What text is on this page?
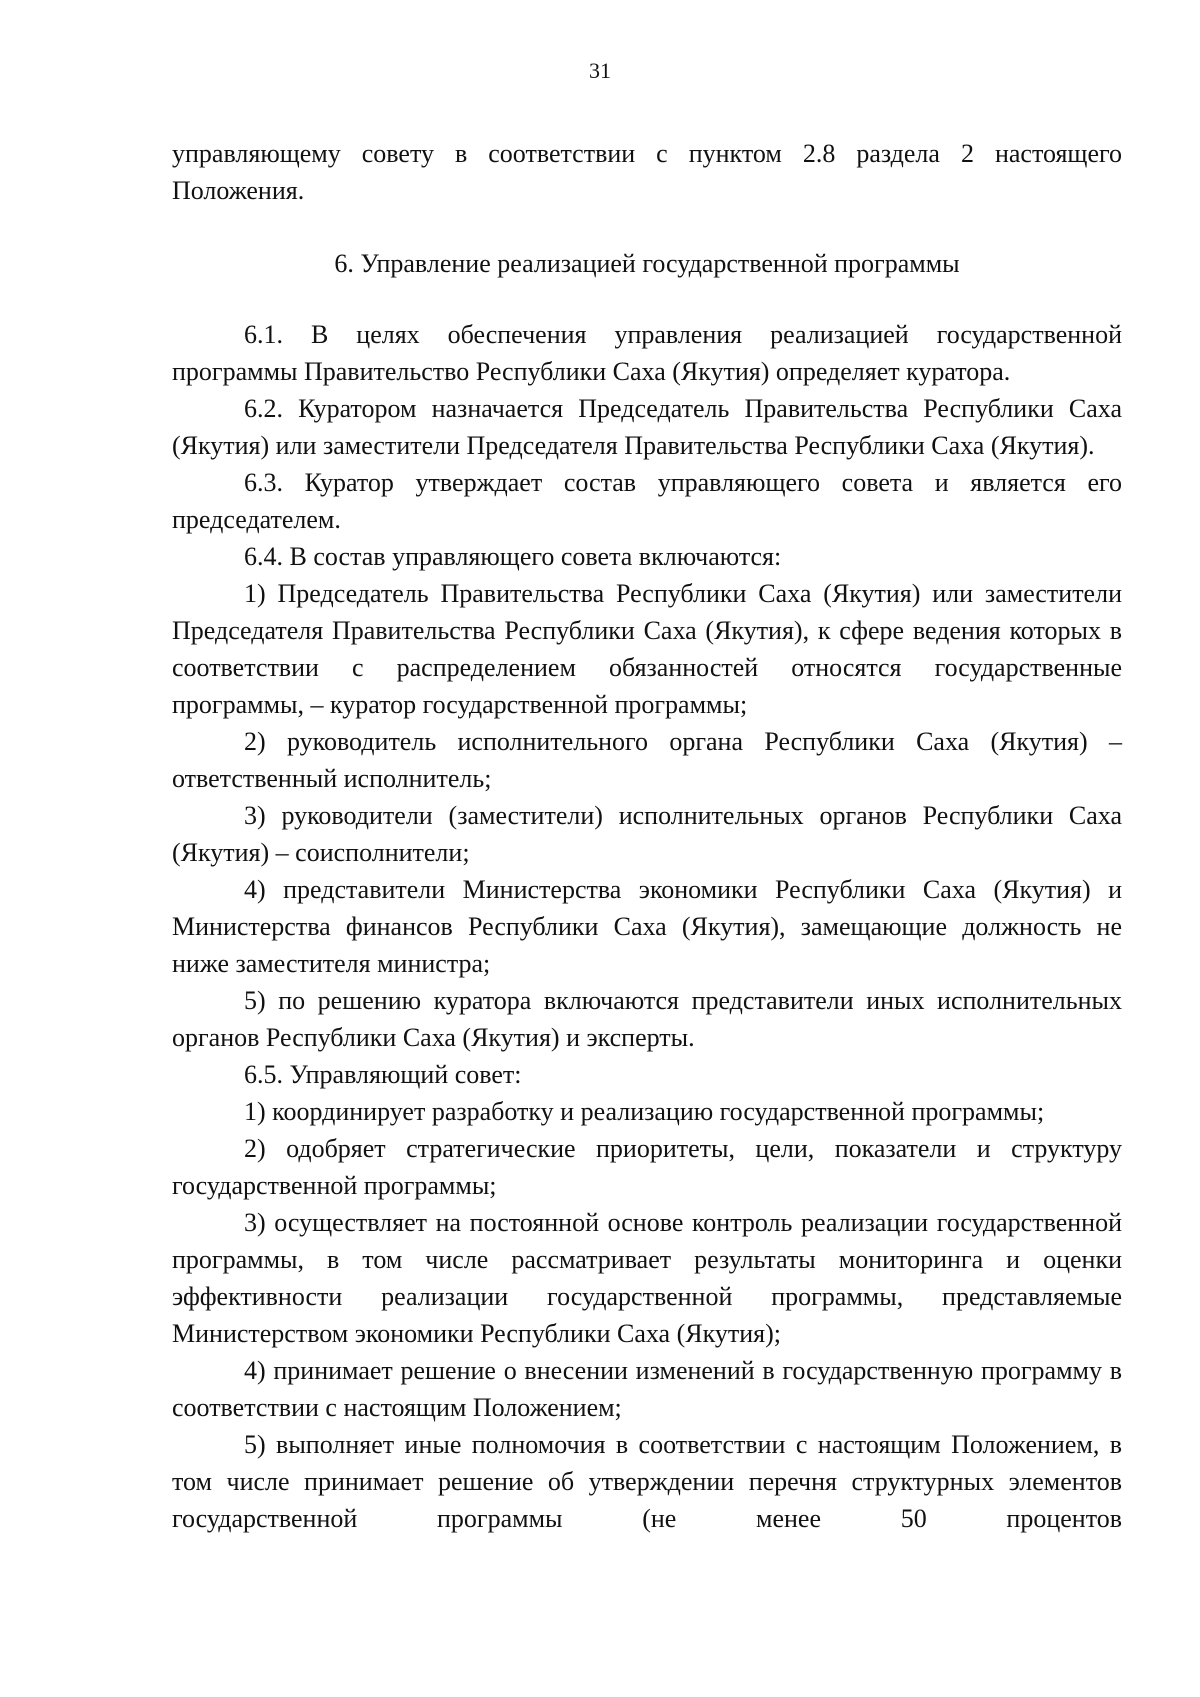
31

управляющему совету в соответствии с пунктом 2.8 раздела 2 настоящего Положения.

6. Управление реализацией государственной программы

6.1. В целях обеспечения управления реализацией государственной программы Правительство Республики Саха (Якутия) определяет куратора.

6.2. Куратором назначается Председатель Правительства Республики Саха (Якутия) или заместители Председателя Правительства Республики Саха (Якутия).

6.3. Куратор утверждает состав управляющего совета и является его председателем.

6.4. В состав управляющего совета включаются:

1) Председатель Правительства Республики Саха (Якутия) или заместители Председателя Правительства Республики Саха (Якутия), к сфере ведения которых в соответствии с распределением обязанностей относятся государственные программы, – куратор государственной программы;

2) руководитель исполнительного органа Республики Саха (Якутия) – ответственный исполнитель;

3) руководители (заместители) исполнительных органов Республики Саха (Якутия) – соисполнители;

4) представители Министерства экономики Республики Саха (Якутия) и Министерства финансов Республики Саха (Якутия), замещающие должность не ниже заместителя министра;

5) по решению куратора включаются представители иных исполнительных органов Республики Саха (Якутия) и эксперты.

6.5. Управляющий совет:

1) координирует разработку и реализацию государственной программы;

2) одобряет стратегические приоритеты, цели, показатели и структуру государственной программы;

3) осуществляет на постоянной основе контроль реализации государственной программы, в том числе рассматривает результаты мониторинга и оценки эффективности реализации государственной программы, представляемые Министерством экономики Республики Саха (Якутия);

4) принимает решение о внесении изменений в государственную программу в соответствии с настоящим Положением;

5) выполняет иные полномочия в соответствии с настоящим Положением, в том числе принимает решение об утверждении перечня структурных элементов государственной программы (не менее 50 процентов
